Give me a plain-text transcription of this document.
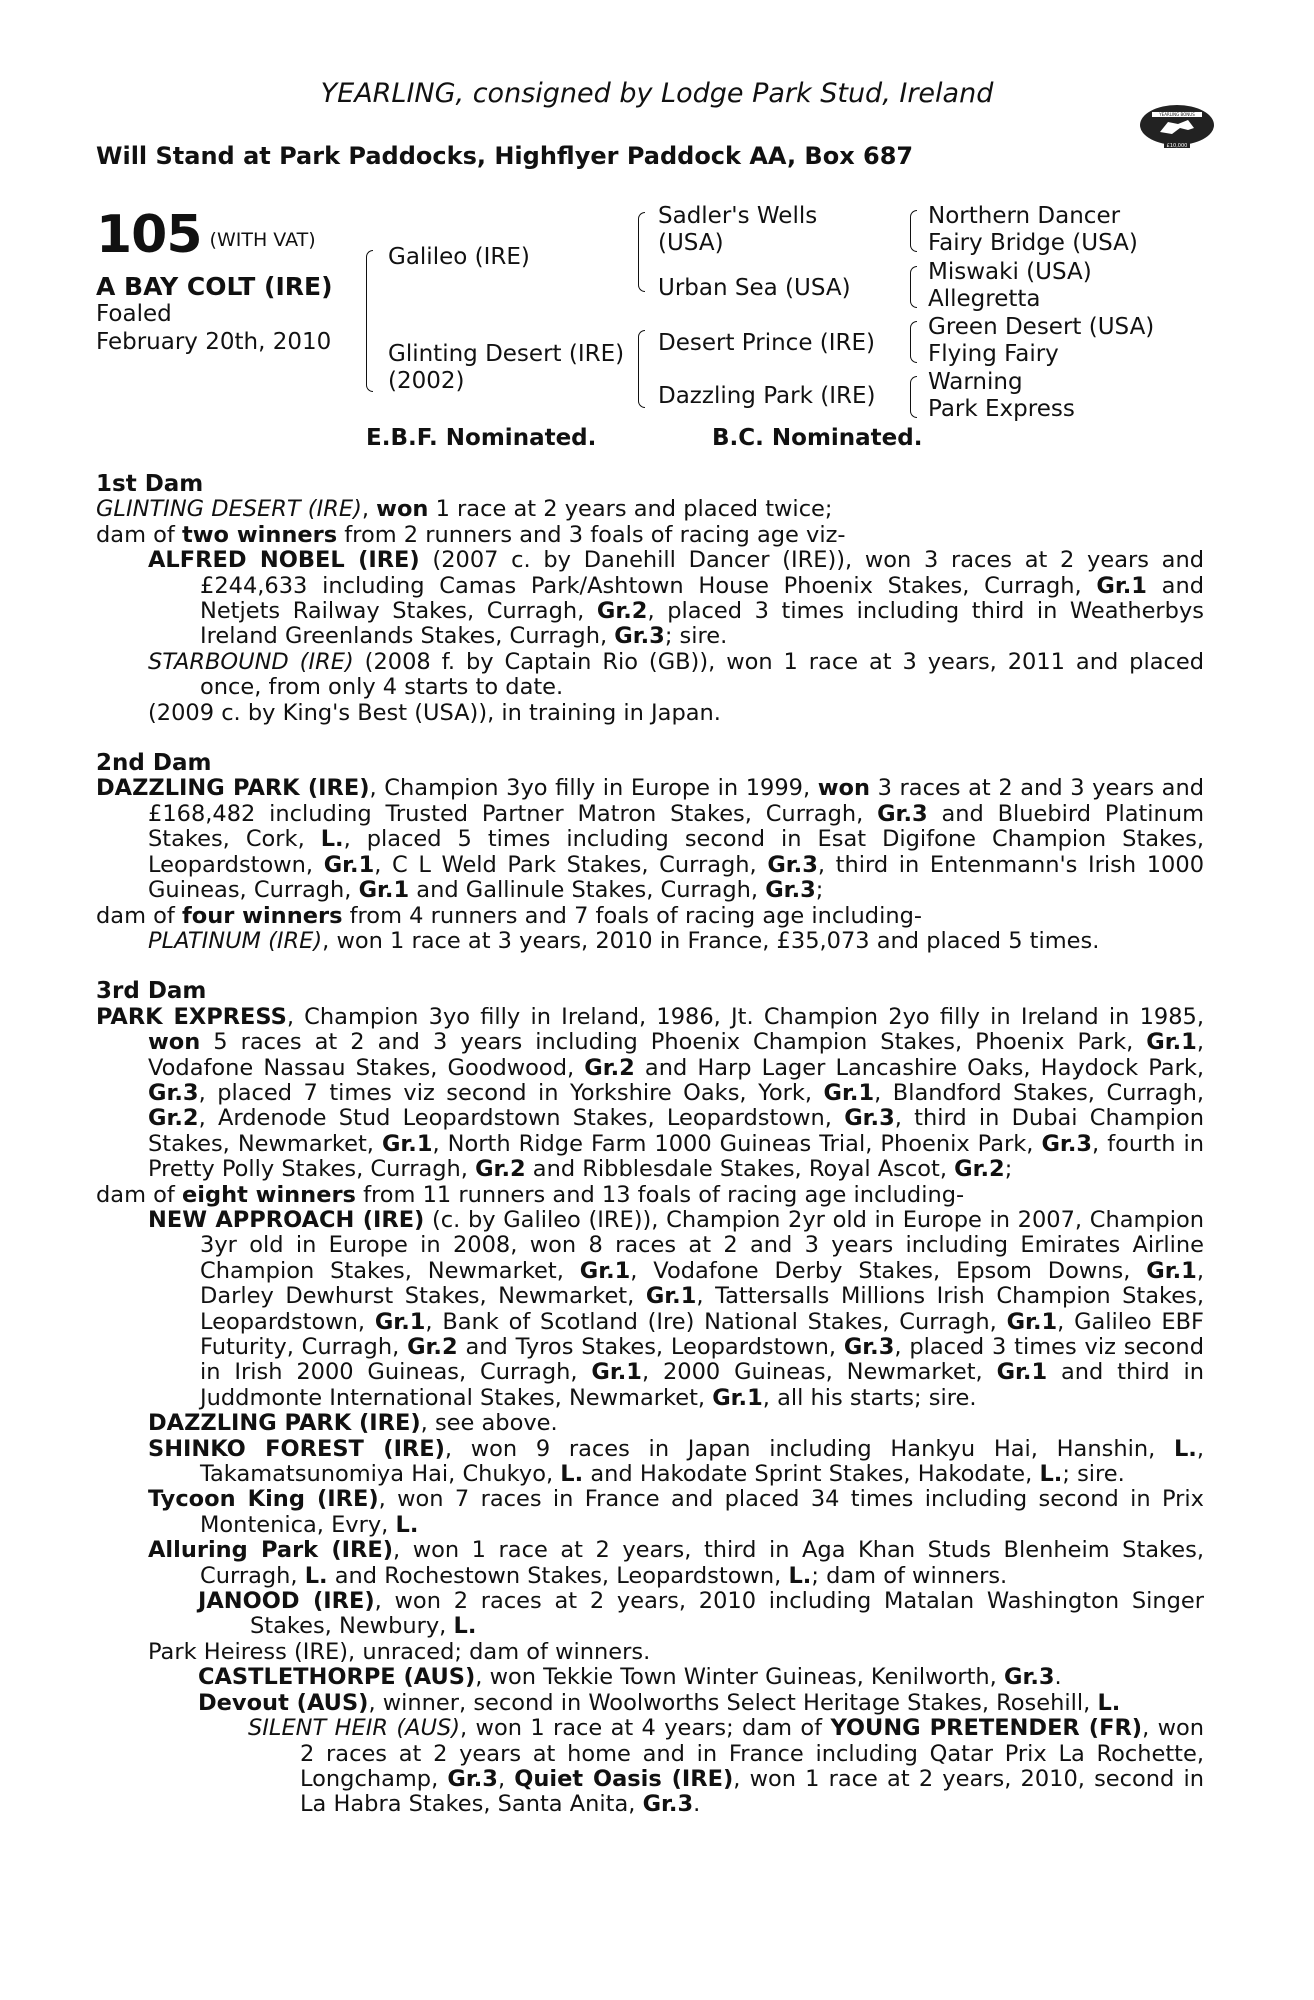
YEARLING, consigned by Lodge Park Stud, Ireland
Will Stand at Park Paddocks, Highflyer Paddock AA, Box 687
YEARLING BONUS
£10,000
105 (WITH VAT)
A BAY COLT (IRE)
Foaled
February 20th, 2010
Galileo (IRE)
Glinting Desert (IRE)
(2002)
Sadler's Wells
(USA)
Urban Sea (USA)
Desert Prince (IRE)
Dazzling Park (IRE)
Northern Dancer
Fairy Bridge (USA)
Miswaki (USA)
Allegretta
Green Desert (USA)
Flying Fairy
Warning
Park Express
E.B.F. Nominated.	B.C. Nominated.
1st Dam
GLINTING DESERT (IRE), won 1 race at 2 years and placed twice;
dam of two winners from 2 runners and 3 foals of racing age viz-
ALFRED NOBEL (IRE) (2007 c. by Danehill Dancer (IRE)), won 3 races at 2 years and £244,633 including Camas Park/Ashtown House Phoenix Stakes, Curragh, Gr.1 and Netjets Railway Stakes, Curragh, Gr.2, placed 3 times including third in Weatherbys Ireland Greenlands Stakes, Curragh, Gr.3; sire.
STARBOUND (IRE) (2008 f. by Captain Rio (GB)), won 1 race at 3 years, 2011 and placed once, from only 4 starts to date.
(2009 c. by King's Best (USA)), in training in Japan.
2nd Dam
DAZZLING PARK (IRE), Champion 3yo filly in Europe in 1999, won 3 races at 2 and 3 years and £168,482 including Trusted Partner Matron Stakes, Curragh, Gr.3 and Bluebird Platinum Stakes, Cork, L., placed 5 times including second in Esat Digifone Champion Stakes, Leopardstown, Gr.1, C L Weld Park Stakes, Curragh, Gr.3, third in Entenmann's Irish 1000 Guineas, Curragh, Gr.1 and Gallinule Stakes, Curragh, Gr.3;
dam of four winners from 4 runners and 7 foals of racing age including-
PLATINUM (IRE), won 1 race at 3 years, 2010 in France, £35,073 and placed 5 times.
3rd Dam
PARK EXPRESS, Champion 3yo filly in Ireland, 1986, Jt. Champion 2yo filly in Ireland in 1985, won 5 races at 2 and 3 years including Phoenix Champion Stakes, Phoenix Park, Gr.1, Vodafone Nassau Stakes, Goodwood, Gr.2 and Harp Lager Lancashire Oaks, Haydock Park, Gr.3, placed 7 times viz second in Yorkshire Oaks, York, Gr.1, Blandford Stakes, Curragh, Gr.2, Ardenode Stud Leopardstown Stakes, Leopardstown, Gr.3, third in Dubai Champion Stakes, Newmarket, Gr.1, North Ridge Farm 1000 Guineas Trial, Phoenix Park, Gr.3, fourth in Pretty Polly Stakes, Curragh, Gr.2 and Ribblesdale Stakes, Royal Ascot, Gr.2;
dam of eight winners from 11 runners and 13 foals of racing age including-
NEW APPROACH (IRE) (c. by Galileo (IRE)), Champion 2yr old in Europe in 2007, Champion 3yr old in Europe in 2008, won 8 races at 2 and 3 years including Emirates Airline Champion Stakes, Newmarket, Gr.1, Vodafone Derby Stakes, Epsom Downs, Gr.1, Darley Dewhurst Stakes, Newmarket, Gr.1, Tattersalls Millions Irish Champion Stakes, Leopardstown, Gr.1, Bank of Scotland (Ire) National Stakes, Curragh, Gr.1, Galileo EBF Futurity, Curragh, Gr.2 and Tyros Stakes, Leopardstown, Gr.3, placed 3 times viz second in Irish 2000 Guineas, Curragh, Gr.1, 2000 Guineas, Newmarket, Gr.1 and third in Juddmonte International Stakes, Newmarket, Gr.1, all his starts; sire.
DAZZLING PARK (IRE), see above.
SHINKO FOREST (IRE), won 9 races in Japan including Hankyu Hai, Hanshin, L., Takamatsunomiya Hai, Chukyo, L. and Hakodate Sprint Stakes, Hakodate, L.; sire.
Tycoon King (IRE), won 7 races in France and placed 34 times including second in Prix Montenica, Evry, L.
Alluring Park (IRE), won 1 race at 2 years, third in Aga Khan Studs Blenheim Stakes, Curragh, L. and Rochestown Stakes, Leopardstown, L.; dam of winners.
JANOOD (IRE), won 2 races at 2 years, 2010 including Matalan Washington Singer Stakes, Newbury, L.
Park Heiress (IRE), unraced; dam of winners.
CASTLETHORPE (AUS), won Tekkie Town Winter Guineas, Kenilworth, Gr.3.
Devout (AUS), winner, second in Woolworths Select Heritage Stakes, Rosehill, L.
SILENT HEIR (AUS), won 1 race at 4 years; dam of YOUNG PRETENDER (FR), won 2 races at 2 years at home and in France including Qatar Prix La Rochette, Longchamp, Gr.3, Quiet Oasis (IRE), won 1 race at 2 years, 2010, second in La Habra Stakes, Santa Anita, Gr.3.
